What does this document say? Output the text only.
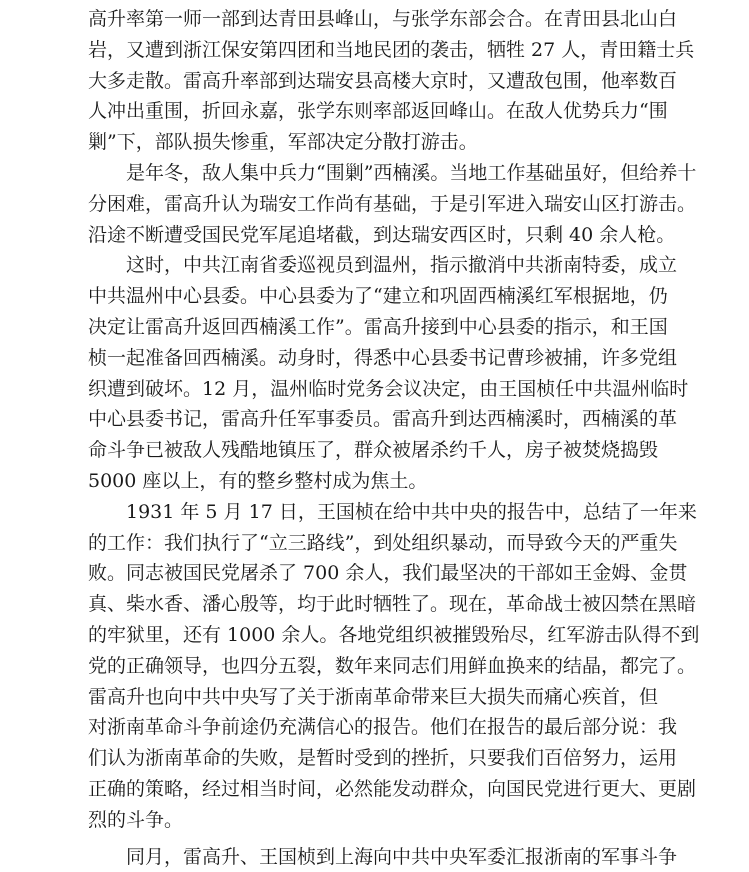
高升率第一师一部到达青田县峰山，与张学东部会合。在青田县北山白
岩，又遭到浙江保安第四团和当地民团的袭击，牺牲 27 人，青田籍士兵
大多走散。雷高升率部到达瑞安县高楼大京时，又遭敌包围，他率数百
人冲出重围，折回永嘉，张学东则率部返回峰山。在敌人优势兵力“围
剿”下，部队损失惨重，军部决定分散打游击。
是年冬，敌人集中兵力“围剿”西楠溪。当地工作基础虽好，但给养十
分困难，雷高升认为瑞安工作尚有基础，于是引军进入瑞安山区打游击。
沿途不断遭受国民党军尾追堵截，到达瑞安西区时，只剩 40 余人枪。
这时，中共江南省委巡视员到温州，指示撤消中共浙南特委，成立
中共温州中心县委。中心县委为了“建立和巩固西楠溪红军根据地，仍
决定让雷高升返回西楠溪工作”。雷高升接到中心县委的指示，和王国
桢一起准备回西楠溪。动身时，得悉中心县委书记曹珍被捕，许多党组
织遭到破坏。12 月，温州临时党务会议决定，由王国桢任中共温州临时
中心县委书记，雷高升任军事委员。雷高升到达西楠溪时，西楠溪的革
命斗争已被敌人残酷地镇压了，群众被屠杀约千人，房子被焚烧捣毁
5000 座以上，有的整乡整村成为焦土。
1931 年 5 月 17 日，王国桢在给中共中央的报告中，总结了一年来
的工作：我们执行了“立三路线”，到处组织暴动，而导致今天的严重失
败。同志被国民党屠杀了 700 余人，我们最坚决的干部如王金姆、金贯
真、柴水香、潘心殷等，均于此时牺牲了。现在，革命战士被囚禁在黑暗
的牢狱里，还有 1000 余人。各地党组织被摧毁殆尽，红军游击队得不到
党的正确领导，也四分五裂，数年来同志们用鲜血换来的结晶，都完了。
雷高升也向中共中央写了关于浙南革命带来巨大损失而痛心疾首，但
对浙南革命斗争前途仍充满信心的报告。他们在报告的最后部分说：我
们认为浙南革命的失败，是暂时受到的挫折，只要我们百倍努力，运用
正确的策略，经过相当时间，必然能发动群众，向国民党进行更大、更剧
烈的斗争。
同月，雷高升、王国桢到上海向中共中央军委汇报浙南的军事斗争
